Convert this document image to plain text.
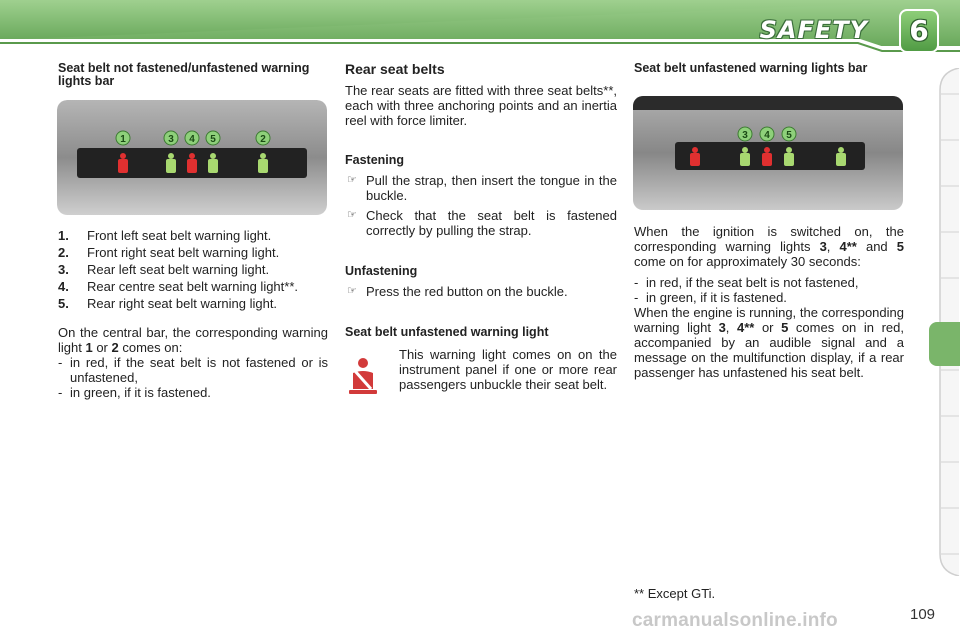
SAFETY 6
Seat belt not fastened/unfastened warning lights bar
1	3 4 5	2
1. Front left seat belt warning light.
2. Front right seat belt warning light.
3. Rear left seat belt warning light.
4. Rear centre seat belt warning light**.
5. Rear right seat belt warning light.

On the central bar, the corresponding warning light 1 or 2 comes on:

- in red, if the seat belt is not fastened or is unfastened,
- in green, if it is fastened.
Rear seat belts

The rear seats are fitted with three seat belts**, each with three anchoring points and an inertia reel with force limiter.

Fastening
☞ Pull the strap, then insert the tongue in the buckle.
☞ Check that the seat belt is fastened correctly by pulling the strap.
Unfastening
☞ Press the red button on the buckle.
Seat belt unfastened warning light

This warning light comes on on the instrument panel if one or more rear passengers unbuckle their seat belt.

Seat belt unfastened warning lights bar
3 4 5

When the ignition is switched on, the corresponding warning lights 3, 4** and 5 come on for approximately 30 seconds:

- in red, if the seat belt is not fastened,
- in green, if it is fastened.

When the engine is running, the corresponding warning light 3, 4** or 5 comes on in red, accompanied by an audible signal and a message on the multifunction display, if a rear passenger has unfastened his seat belt.

** Except GTi.
carmanualsonline.info	109
